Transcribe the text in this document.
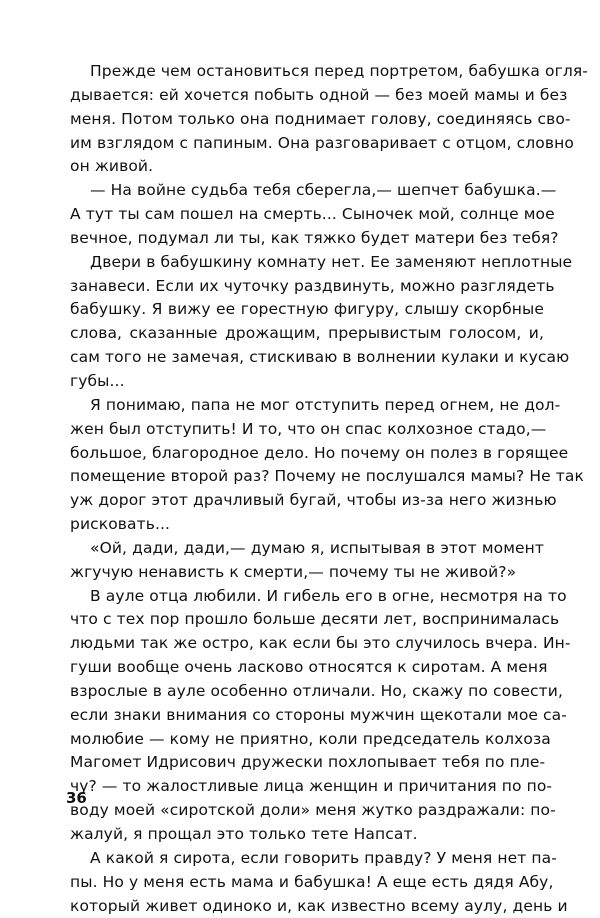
Прежде чем остановиться перед портретом, бабушка огля-
дывается: ей хочется побыть одной — без моей мамы и без
меня. Потом только она поднимает голову, соединяясь сво-
им взглядом с папиным. Она разговаривает с отцом, словно
он живой.
— На войне судьба тебя сберегла,— шепчет бабушка.—
А тут ты сам пошел на смерть... Сыночек мой, солнце мое
вечное, подумал ли ты, как тяжко будет матери без тебя?
Двери в бабушкину комнату нет. Ее заменяют неплотные
занавеси. Если их чуточку раздвинуть, можно разглядеть
бабушку. Я вижу ее горестную фигуру, слышу скорбные
слова, сказанные дрожащим, прерывистым голосом, и,
сам того не замечая, стискиваю в волнении кулаки и кусаю
губы...
Я понимаю, папа не мог отступить перед огнем, не дол-
жен был отступить! И то, что он спас колхозное стадо,—
большое, благородное дело. Но почему он полез в горящее
помещение второй раз? Почему не послушался мамы? Не так
уж дорог этот драчливый бугай, чтобы из-за него жизнью
рисковать...
«Ой, дади, дади,— думаю я, испытывая в этот момент
жгучую ненависть к смерти,— почему ты не живой?»
В ауле отца любили. И гибель его в огне, несмотря на то
что с тех пор прошло больше десяти лет, воспринималась
людьми так же остро, как если бы это случилось вчера. Ин-
гуши вообще очень ласково относятся к сиротам. А меня
взрослые в ауле особенно отличали. Но, скажу по совести,
если знаки внимания со стороны мужчин щекотали мое са-
молюбие — кому не приятно, коли председатель колхоза
Магомет Идрисович дружески похлопывает тебя по пле-
чу? — то жалостливые лица женщин и причитания по по-
воду моей «сиротской доли» меня жутко раздражали: по-
жалуй, я прощал это только тете Напсат.
А какой я сирота, если говорить правду? У меня нет па-
пы. Но у меня есть мама и бабушка! А еще есть дядя Абу,
который живет одиноко и, как известно всему аулу, день и
36
